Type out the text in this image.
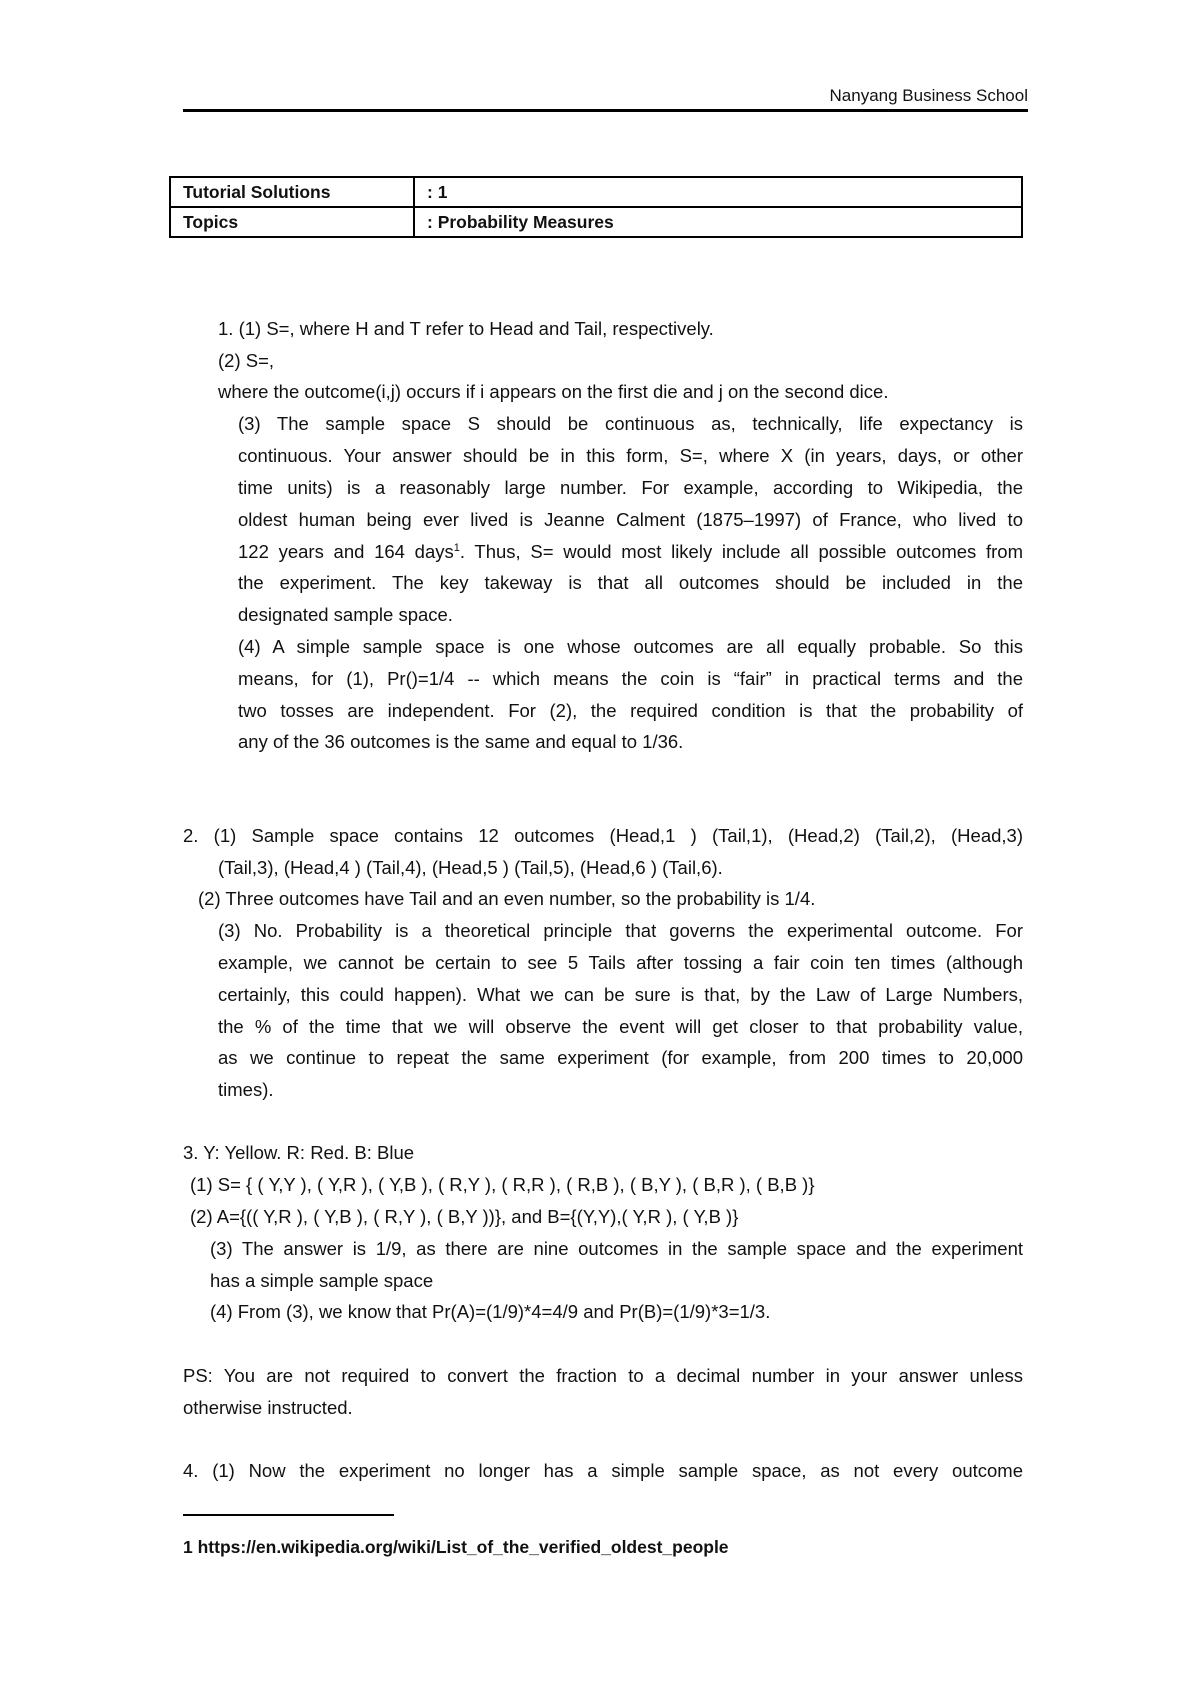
Nanyang Business School
Tutorial Solutions	: 1
Topics	: Probability Measures
1. (1) S=, where H and T refer to Head and Tail, respectively.
(2) S=,
where the outcome(i,j) occurs if i appears on the first die and j on the second dice.
(3) The sample space S should be continuous as, technically, life expectancy is
continuous. Your answer should be in this form, S=, where X (in years, days, or other
time units) is a reasonably large number. For example, according to Wikipedia, the
oldest human being ever lived is Jeanne Calment (1875–1997) of France, who lived to
122 years and 164 days$^1$. Thus, S= would most likely include all possible outcomes from
the experiment. The key takeway is that all outcomes should be included in the
designated sample space.
(4) A simple sample space is one whose outcomes are all equally probable. So this
means, for (1), Pr()=1/4 -- which means the coin is “fair” in practical terms and the
two tosses are independent. For (2), the required condition is that the probability of
any of the 36 outcomes is the same and equal to 1/36.
2. (1) Sample space contains 12 outcomes (Head,1 ) (Tail,1), (Head,2) (Tail,2), (Head,3)
(Tail,3), (Head,4 ) (Tail,4), (Head,5 ) (Tail,5), (Head,6 ) (Tail,6).
(2) Three outcomes have Tail and an even number, so the probability is 1/4.
(3) No. Probability is a theoretical principle that governs the experimental outcome. For
example, we cannot be certain to see 5 Tails after tossing a fair coin ten times (although
certainly, this could happen). What we can be sure is that, by the Law of Large Numbers,
the % of the time that we will observe the event will get closer to that probability value,
as we continue to repeat the same experiment (for example, from 200 times to 20,000
times).
3. Y: Yellow. R: Red. B: Blue
(1) S= { ( Y,Y ), ( Y,R ), ( Y,B ), ( R,Y ), ( R,R ), ( R,B ), ( B,Y ), ( B,R ), ( B,B )}
(2) A={(( Y,R ), ( Y,B ), ( R,Y ), ( B,Y ))}, and B={(Y,Y),( Y,R ), ( Y,B )}
(3) The answer is 1/9, as there are nine outcomes in the sample space and the experiment
has a simple sample space
(4) From (3), we know that Pr(A)=(1/9)*4=4/9 and Pr(B)=(1/9)*3=1/3.
PS: You are not required to convert the fraction to a decimal number in your answer unless
otherwise instructed.
4. (1) Now the experiment no longer has a simple sample space, as not every outcome
1 https://en.wikipedia.org/wiki/List_of_the_verified_oldest_people
